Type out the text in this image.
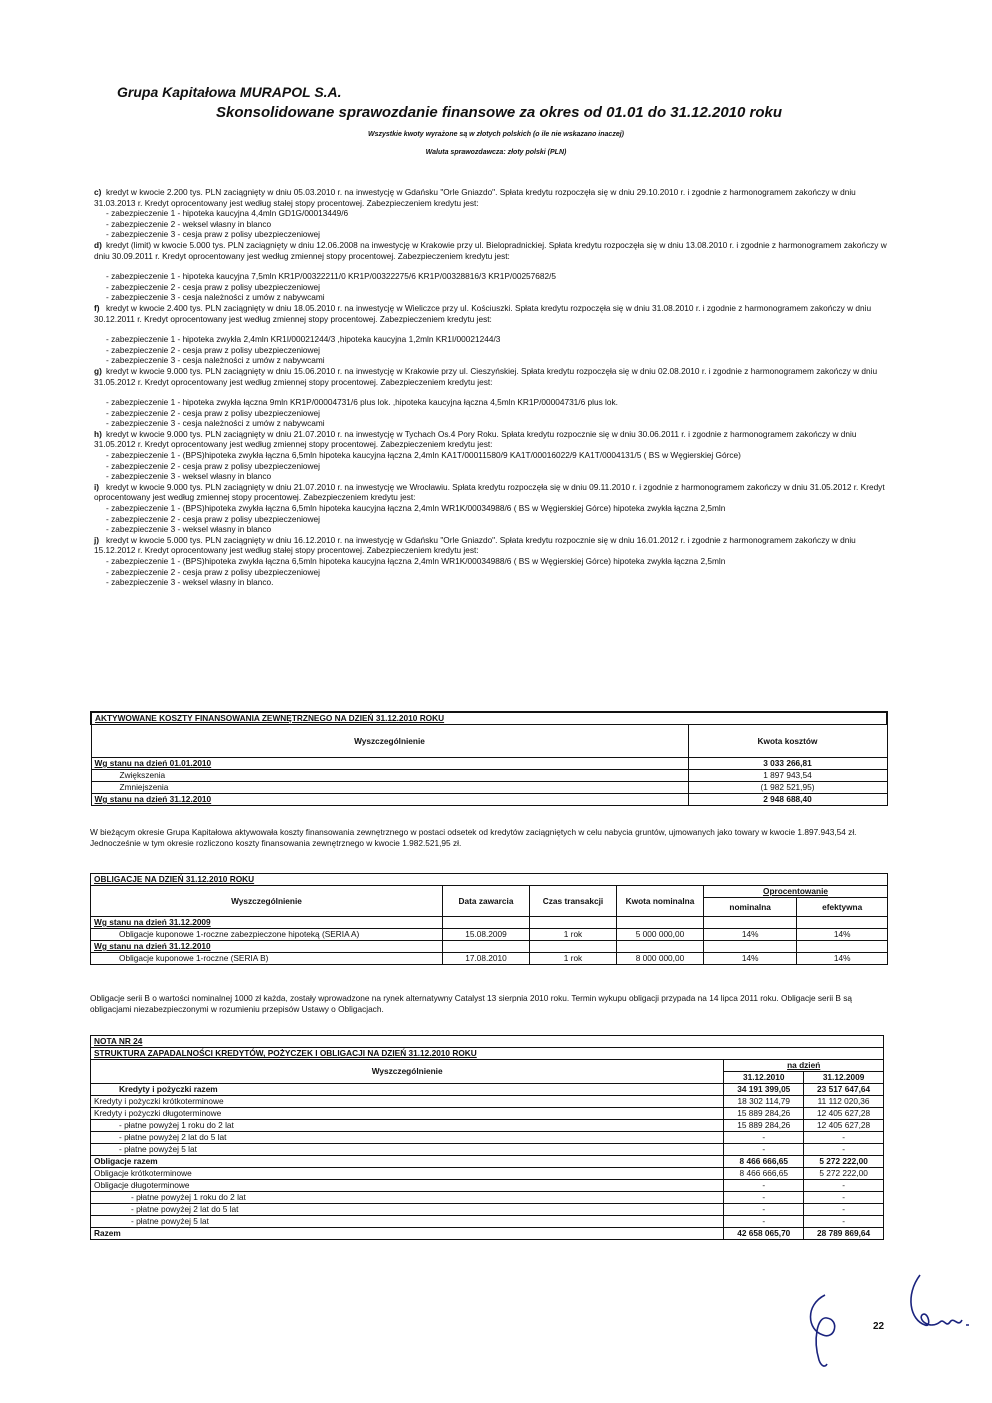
Grupa Kapitałowa MURAPOL S.A.
Skonsolidowane sprawozdanie finansowe za okres od 01.01 do 31.12.2010 roku
Wszystkie kwoty wyrażone są w złotych polskich (o ile nie wskazano inaczej)
Waluta sprawozdawcza: złoty polski (PLN)
c) kredyt w kwocie 2.200 tys. PLN zaciągnięty w dniu 05.03.2010 r. na inwestycję w Gdańsku "Orle Gniazdo". Spłata kredytu rozpoczęła się w dniu 29.10.2010 r. i zgodnie z harmonogramem zakończy w dniu 31.03.2013 r. Kredyt oprocentowany jest według stałej stopy procentowej. Zabezpieczeniem kredytu jest:
- zabezpieczenie 1 - hipoteka kaucyjna 4,4mln GD1G/00013449/6
- zabezpieczenie 2 - weksel własny in blanco
- zabezpieczenie 3 - cesja praw z polisy ubezpieczeniowej
d) kredyt (limit) w kwocie 5.000 tys. PLN zaciągnięty w dniu 12.06.2008 na inwestycję w Krakowie przy ul. Bielopradnickiej. Spłata kredytu rozpoczęła się w dniu 13.08.2010 r. i zgodnie z harmonogramem zakończy w dniu 30.09.2011 r. Kredyt oprocentowany jest według zmiennej stopy procentowej. Zabezpieczeniem kredytu jest:
- zabezpieczenie 1 - hipoteka kaucyjna 7,5mln KR1P/00322211/0 KR1P/00322275/6 KR1P/00328816/3 KR1P/00257682/5
- zabezpieczenie 2 - cesja praw z polisy ubezpieczeniowej
- zabezpieczenie 3 - cesja należności z umów z nabywcami
f) kredyt w kwocie 2.400 tys. PLN zaciągnięty w dniu 18.05.2010 r. na inwestycję w Wieliczce przy ul. Kościuszki. Spłata kredytu rozpoczęła się w dniu 31.08.2010 r. i zgodnie z harmonogramem zakończy w dniu 30.12.2011 r. Kredyt oprocentowany jest według zmiennej stopy procentowej. Zabezpieczeniem kredytu jest:
- zabezpieczenie 1 - hipoteka zwykła 2,4mln KR1I/00021244/3 ,hipoteka kaucyjna 1,2mln KR1I/00021244/3
- zabezpieczenie 2 - cesja praw z polisy ubezpieczeniowej
- zabezpieczenie 3 - cesja należności z umów z nabywcami
g) kredyt w kwocie 9.000 tys. PLN zaciągnięty w dniu 15.06.2010 r. na inwestycję w Krakowie przy ul. Cieszyńskiej. Spłata kredytu rozpoczęła się w dniu 02.08.2010 r. i zgodnie z harmonogramem zakończy w dniu 31.05.2012 r. Kredyt oprocentowany jest według zmiennej stopy procentowej. Zabezpieczeniem kredytu jest:
- zabezpieczenie 1 - hipoteka zwykła łączna 9mln KR1P/00004731/6 plus lok. ,hipoteka kaucyjna łączna 4,5mln KR1P/00004731/6 plus lok.
- zabezpieczenie 2 - cesja praw z polisy ubezpieczeniowej
- zabezpieczenie 3 - cesja należności z umów z nabywcami
h) kredyt w kwocie 9.000 tys. PLN zaciągnięty w dniu 21.07.2010 r. na inwestycję w Tychach Os.4 Pory Roku. Spłata kredytu rozpocznie się w dniu 30.06.2011 r. i zgodnie z harmonogramem zakończy w dniu 31.05.2012 r. Kredyt oprocentowany jest według zmiennej stopy procentowej. Zabezpieczeniem kredytu jest:
- zabezpieczenie 1 - (BPS)hipoteka zwykła łączna 6,5mln hipoteka kaucyjna łączna 2,4mln KA1T/00011580/9 KA1T/00016022/9 KA1T/0004131/5 ( BS w Węgierskiej Górce)
- zabezpieczenie 2 - cesja praw z polisy ubezpieczeniowej
- zabezpieczenie 3 - weksel własny in blanco
i) kredyt w kwocie 9.000 tys. PLN zaciągnięty w dniu 21.07.2010 r. na inwestycję we Wrocławiu. Spłata kredytu rozpoczęła się w dniu 09.11.2010 r. i zgodnie z harmonogramem zakończy w dniu 31.05.2012 r. Kredyt oprocentowany jest według zmiennej stopy procentowej. Zabezpieczeniem kredytu jest:
- zabezpieczenie 1 - (BPS)hipoteka zwykła łączna 6,5mln hipoteka kaucyjna łączna 2,4mln WR1K/00034988/6 ( BS w Węgierskiej Górce) hipoteka zwykła łączna 2,5mln
- zabezpieczenie 2 - cesja praw z polisy ubezpieczeniowej
- zabezpieczenie 3 - weksel własny in blanco
j) kredyt w kwocie 5.000 tys. PLN zaciągnięty w dniu 16.12.2010 r. na inwestycję w Gdańsku "Orle Gniazdo". Spłata kredytu rozpocznie się w dniu 16.01.2012 r. i zgodnie z harmonogramem zakończy w dniu 15.12.2012 r. Kredyt oprocentowany jest według stałej stopy procentowej. Zabezpieczeniem kredytu jest:
- zabezpieczenie 1 - (BPS)hipoteka zwykła łączna 6,5mln hipoteka kaucyjna łączna 2,4mln WR1K/00034988/6 ( BS w Węgierskiej Górce) hipoteka zwykła łączna 2,5mln
- zabezpieczenie 2 - cesja praw z polisy ubezpieczeniowej
- zabezpieczenie 3 - weksel własny in blanco.
AKTYWOWANE KOSZTY FINANSOWANIA ZEWNĘTRZNEGO NA DZIEŃ 31.12.2010 ROKU	
Wyszczególnienie	Kwota kosztów
Wg stanu na dzień 01.01.2010	3 033 266,81
Zwiększenia	1 897 943,54
Zmniejszenia	(1 982 521,95)
Wg stanu na dzień 31.12.2010	2 948 688,40
W bieżącym okresie Grupa Kapitałowa aktywowała koszty finansowania zewnętrznego w postaci odsetek od kredytów zaciągniętych w celu nabycia gruntów, ujmowanych jako towary w kwocie 1.897.943,54 zł. Jednocześnie w tym okresie rozliczono koszty finansowania zewnętrznego w kwocie 1.982.521,95 zł.
OBLIGACJE NA DZIEŃ 31.12.2010 ROKU					
Wyszczególnienie	Data zawarcia	Czas transakcji	Kwota nominalna	Oprocentowanie	
				nominalna	efektywna
Wg stanu na dzień 31.12.2009					
Obligacje kuponowe 1-roczne zabezpieczone hipoteką (SERIA A)	15.08.2009	1 rok	5 000 000,00	14%	14%
Wg stanu na dzień 31.12.2010					
Obligacje kuponowe 1-roczne (SERIA B)	17.08.2010	1 rok	8 000 000,00	14%	14%
Obligacje serii B o wartości nominalnej 1000 zł każda, zostały wprowadzone na rynek alternatywny Catalyst 13 sierpnia 2010 roku. Termin wykupu obligacji przypada na 14 lipca 2011 roku. Obligacje serii B są obligacjami niezabezpieczonymi w rozumieniu przepisów Ustawy o Obligacjach.
NOTA NR 24		
STRUKTURA ZAPADALNOŚCI KREDYTÓW, POŻYCZEK I OBLIGACJI NA DZIEŃ 31.12.2010 ROKU		
Wyszczególnienie	na dzień	
	31.12.2010	31.12.2009
Kredyty i pożyczki razem	34 191 399,05	23 517 647,64
Kredyty i pożyczki krótkoterminowe	18 302 114,79	11 112 020,36
Kredyty i pożyczki długoterminowe	15 889 284,26	12 405 627,28
- płatne powyżej 1 roku do 2 lat	15 889 284,26	12 405 627,28
- płatne powyżej 2 lat do 5 lat	-	-
- płatne powyżej 5 lat	-	-
Obligacje razem	8 466 666,65	5 272 222,00
Obligacje krótkoterminowe	8 466 666,65	5 272 222,00
Obligacje długoterminowe	-	-
- płatne powyżej 1 roku do 2 lat	-	-
- płatne powyżej 2 lat do 5 lat	-	-
- płatne powyżej 5 lat	-	-
Razem	42 658 065,70	28 789 869,64
22
